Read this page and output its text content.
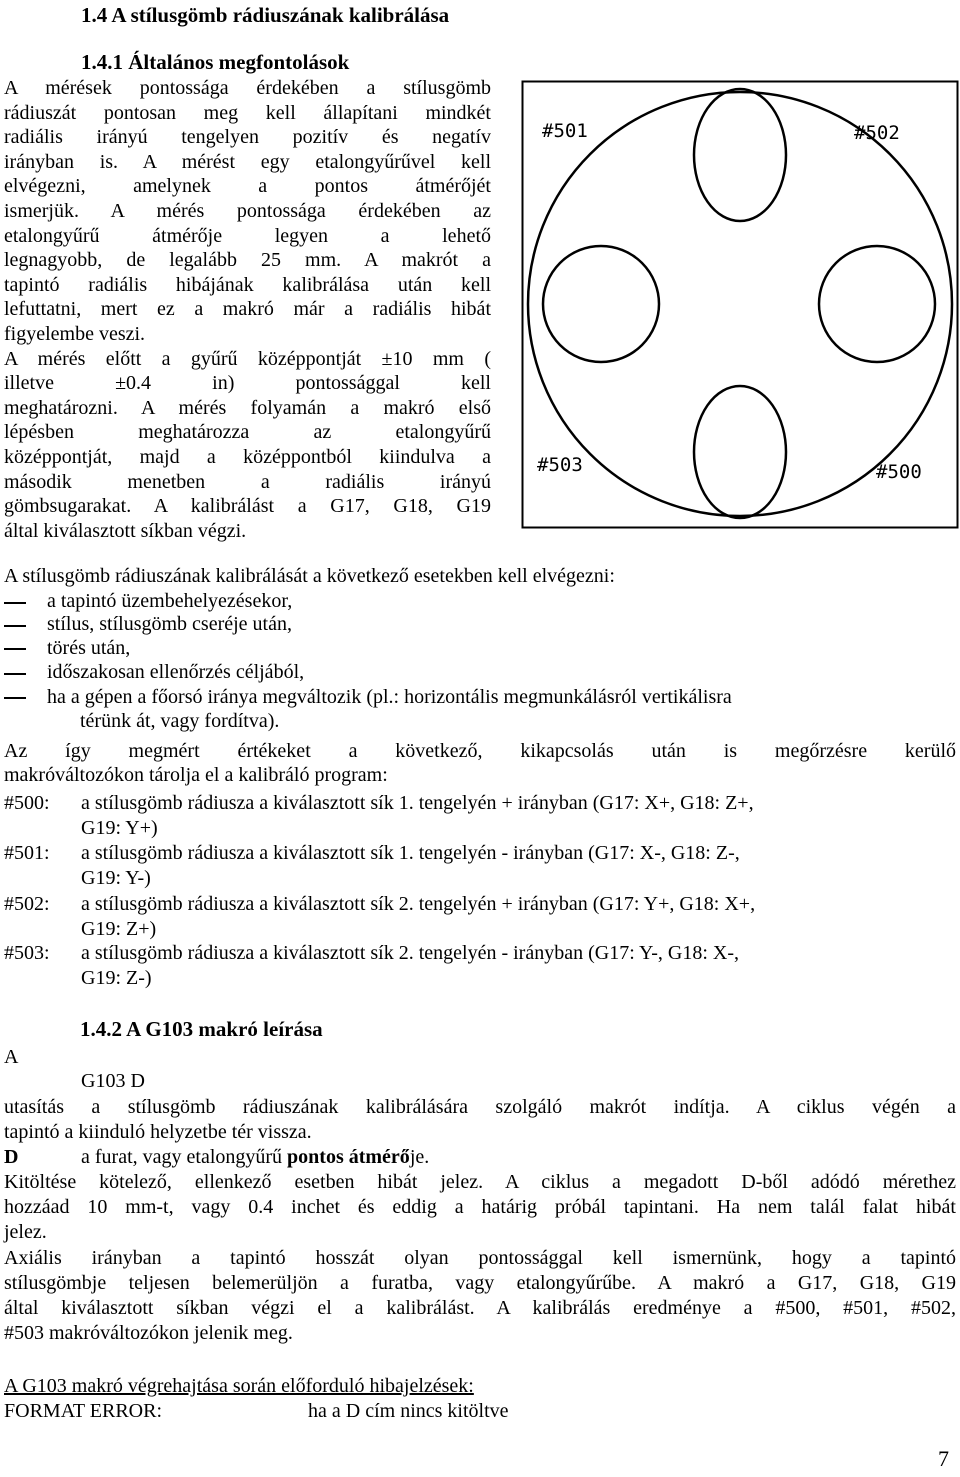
1.4 A stílusgömb rádiuszának kalibrálása
1.4.1 Általános megfontolások
A mérések pontossága érdekében a stílusgömb
rádiuszát pontosan meg kell állapítani mindkét
radiális irányú tengelyen pozitív és negatív
irányban is. A mérést egy etalongyűrűvel kell
elvégezni, amelynek a pontos átmérőjét
ismerjük. A mérés pontossága érdekében az
etalongyűrű átmérője legyen a lehető
legnagyobb, de legalább 25 mm. A makrót a
tapintó radiális hibájának kalibrálása után kell
lefuttatni, mert ez a makró már a radiális hibát
figyelembe veszi.
A mérés előtt a gyűrű középpontját ±10 mm (
illetve ±0.4 in) pontossággal kell
meghatározni. A mérés folyamán a makró első
lépésben meghatározza az etalongyűrű
középpontját, majd a középpontból kiindulva a
második menetben a radiális irányú
gömbsugarakat. A kalibrálást a G17, G18, G19
által kiválasztott síkban végzi.
#501	#502
#503	#500
A stílusgömb rádiuszának kalibrálását a következő esetekben kell elvégezni:
a tapintó üzembehelyezésekor,
stílus, stílusgömb cseréje után,
törés után,
időszakosan ellenőrzés céljából,
ha a gépen a főorsó iránya megváltozik (pl.: horizontális megmunkálásról vertikálisra
térünk át, vagy fordítva).
Az így megmért értékeket a következő, kikapcsolás után is megőrzésre kerülő
makróváltozókon tárolja el a kalibráló program:
#500: a stílusgömb rádiusza a kiválasztott sík 1. tengelyén + irányban (G17: X+, G18: Z+,
G19: Y+)
#501: a stílusgömb rádiusza a kiválasztott sík 1. tengelyén - irányban (G17: X-, G18: Z-,
G19: Y-)
#502: a stílusgömb rádiusza a kiválasztott sík 2. tengelyén + irányban (G17: Y+, G18: X+,
G19: Z+)
#503: a stílusgömb rádiusza a kiválasztott sík 2. tengelyén - irányban (G17: Y-, G18: X-,
G19: Z-)
1.4.2 A G103 makró leírása
A
G103 D
utasítás a stílusgömb rádiuszának kalibrálására szolgáló makrót indítja. A ciklus végén a
tapintó a kiinduló helyzetbe tér vissza.
D	a furat, vagy etalongyűrű pontos átmérője.
Kitöltése kötelező, ellenkező esetben hibát jelez. A ciklus a megadott D-ből adódó mérethez
hozzáad 10 mm-t, vagy 0.4 inchet és eddig a határig próbál tapintani. Ha nem talál falat hibát
jelez.
Axiális irányban a tapintó hosszát olyan pontossággal kell ismernünk, hogy a tapintó
stílusgömbje teljesen belemerüljön a furatba, vagy etalongyűrűbe. A makró a G17, G18, G19
által kiválasztott síkban végzi el a kalibrálást. A kalibrálás eredménye a #500, #501, #502,
#503 makróváltozókon jelenik meg.
A G103 makró végrehajtása során előforduló hibajelzések:
FORMAT ERROR:	ha a D cím nincs kitöltve
7
